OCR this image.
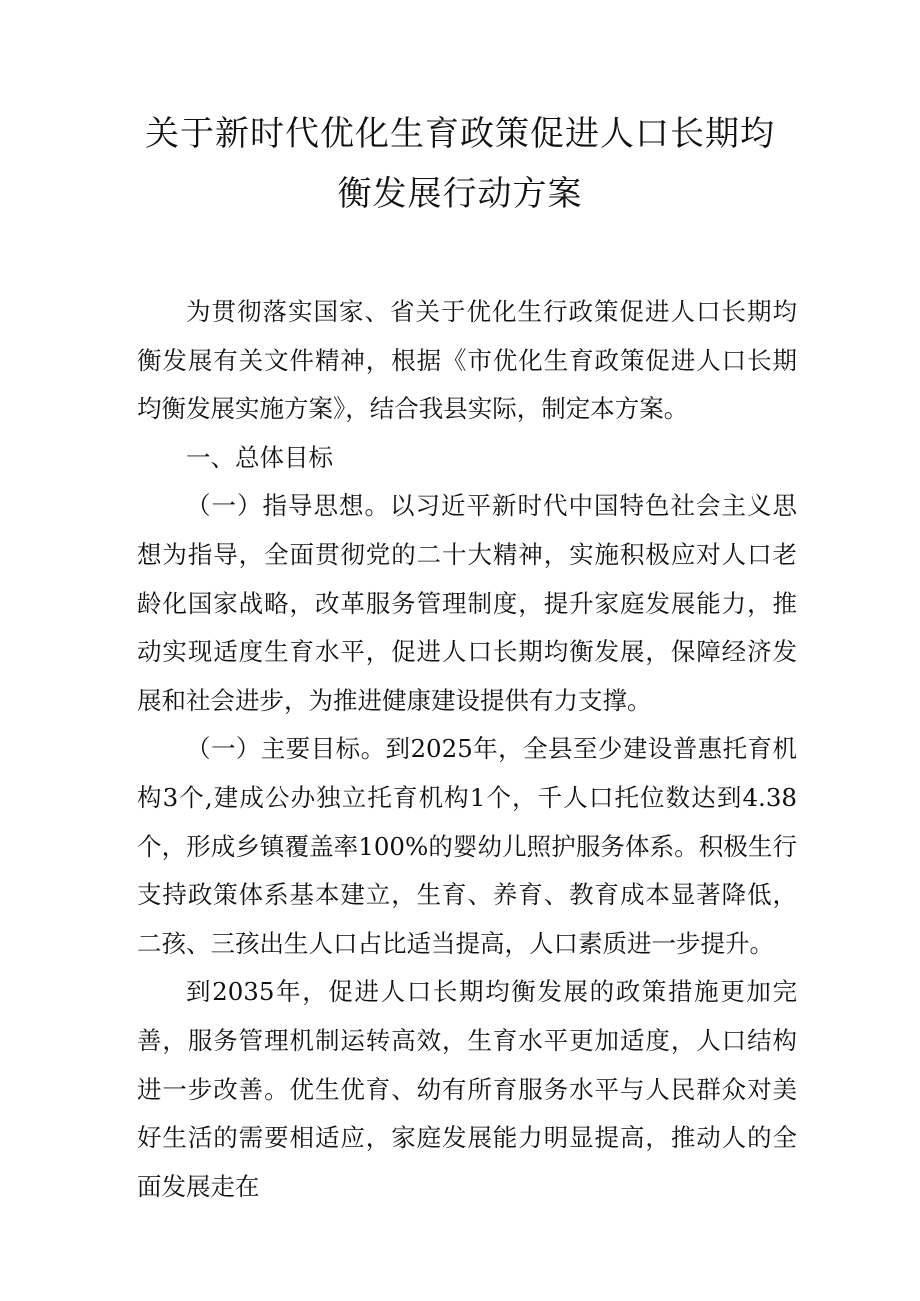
关于新时代优化生育政策促进人口长期均
衡发展行动方案

为贯彻落实国家、省关于优化生行政策促进人口长期均衡发展有关文件精神，根据《市优化生育政策促进人口长期均衡发展实施方案》，结合我县实际，制定本方案。

一、总体目标

（一）指导思想。以习近平新时代中国特色社会主义思想为指导，全面贯彻党的二十大精神，实施积极应对人口老龄化国家战略，改革服务管理制度，提升家庭发展能力，推动实现适度生育水平，促进人口长期均衡发展，保障经济发展和社会进步，为推进健康建设提供有力支撑。

（一）主要目标。到2025年，全县至少建设普惠托育机构3个,建成公办独立托育机构1个，千人口托位数达到4.38个，形成乡镇覆盖率100%的婴幼儿照护服务体系。积极生行支持政策体系基本建立，生育、养育、教育成本显著降低，二孩、三孩出生人口占比适当提高，人口素质进一步提升。

到2035年，促进人口长期均衡发展的政策措施更加完善，服务管理机制运转高效，生育水平更加适度，人口结构进一步改善。优生优育、幼有所育服务水平与人民群众对美好生活的需要相适应，家庭发展能力明显提高，推动人的全面发展走在
